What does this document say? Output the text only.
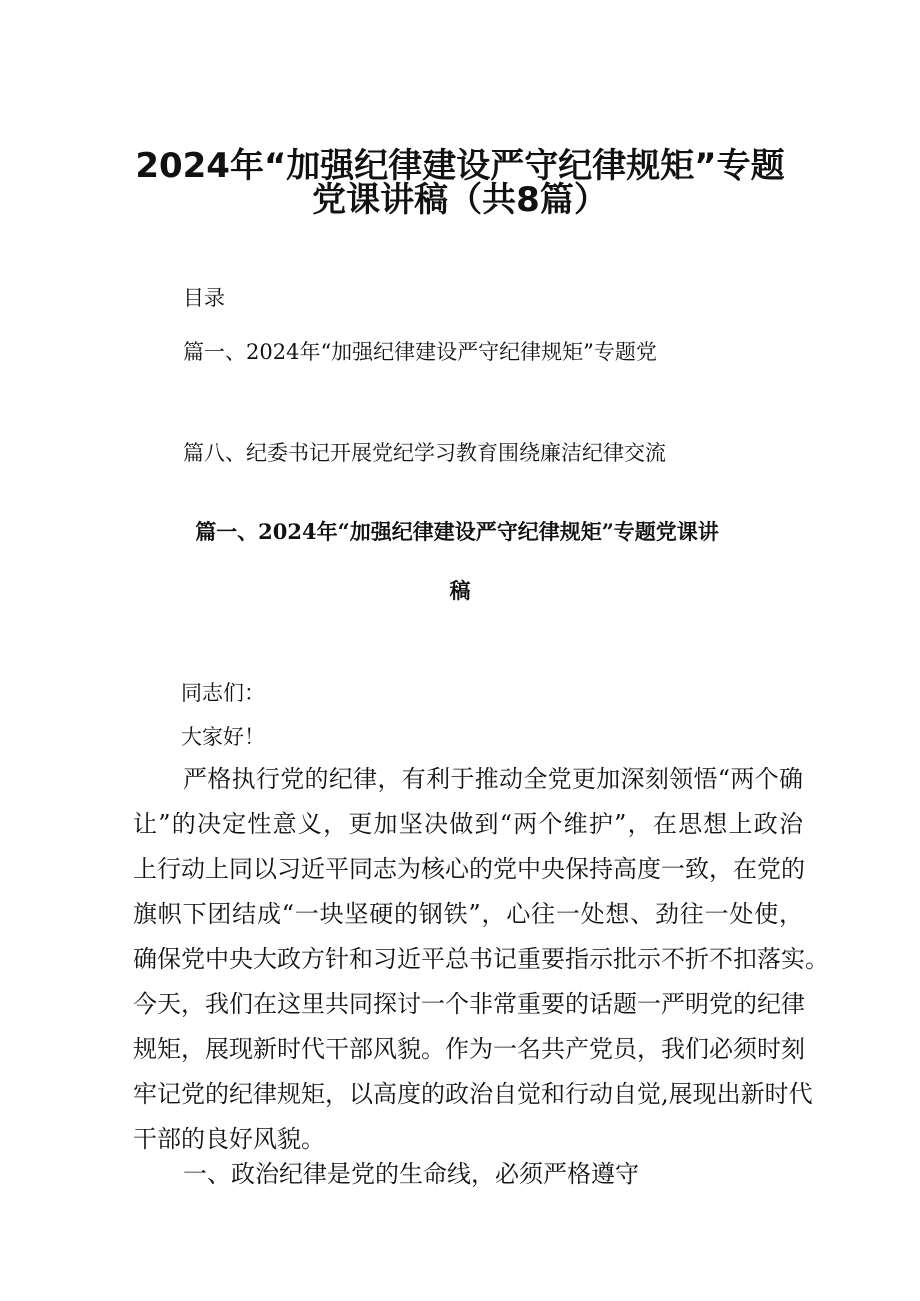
2024年“加强纪律建设严守纪律规矩”专题
党课讲稿（共8篇）
目录
篇一、2024年“加强纪律建设严守纪律规矩”专题党
篇八、纪委书记开展党纪学习教育围绕廉洁纪律交流
篇一、2024年“加强纪律建设严守纪律规矩”专题党课讲
稿
同志们：
大家好！
严格执行党的纪律，有利于推动全党更加深刻领悟“两个确
让”的决定性意义，更加坚决做到“两个维护”，在思想上政治
上行动上同以习近平同志为核心的党中央保持高度一致，在党的
旗帜下团结成“一块坚硬的钢铁”，心往一处想、劲往一处使，
确保党中央大政方针和习近平总书记重要指示批示不折不扣落实。
今天，我们在这里共同探讨一个非常重要的话题一严明党的纪律
规矩，展现新时代干部风貌。作为一名共产党员，我们必须时刻
牢记党的纪律规矩，以高度的政治自觉和行动自觉,展现出新时代
干部的良好风貌。
一、政治纪律是党的生命线，必须严格遵守
